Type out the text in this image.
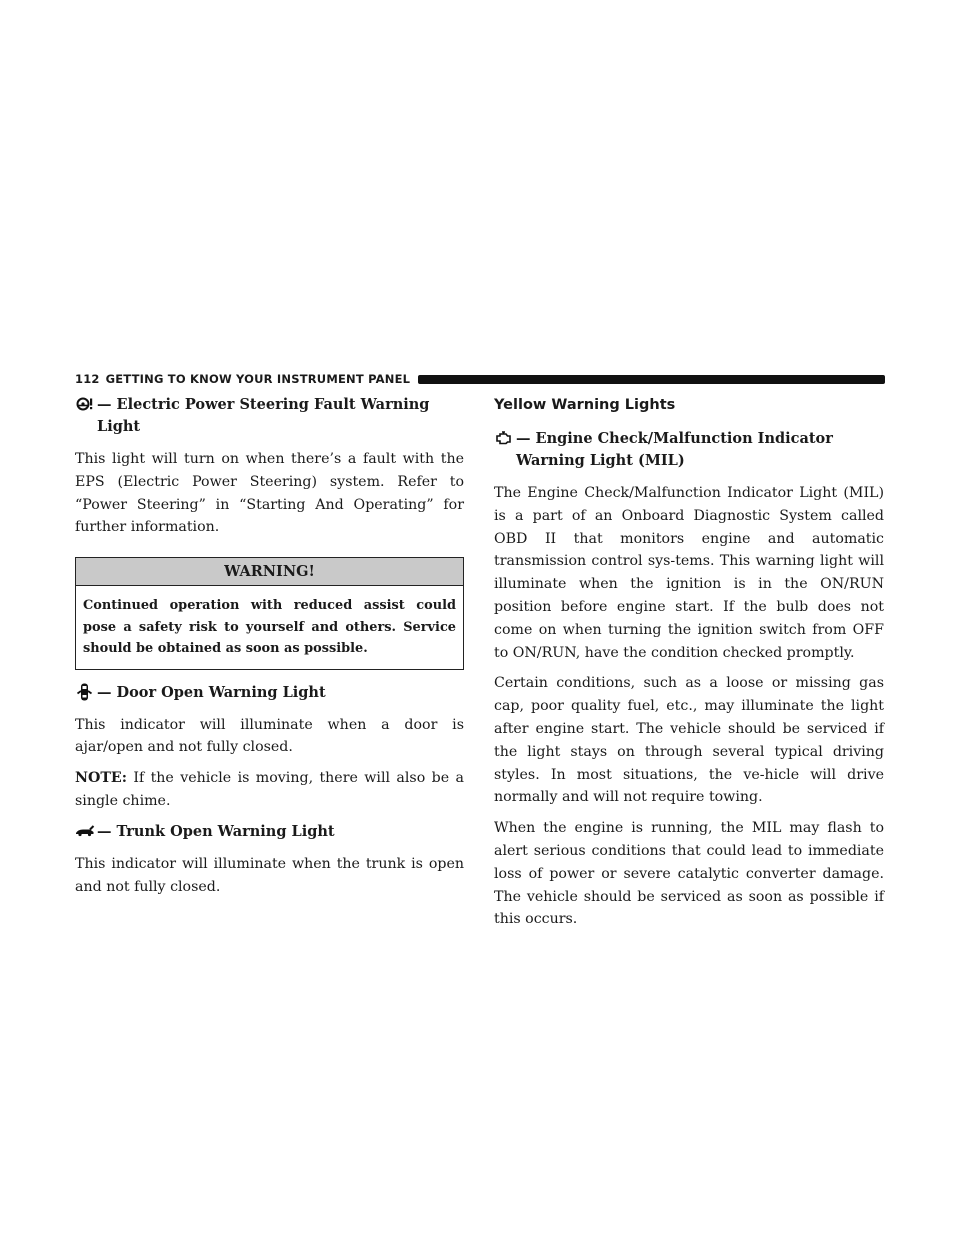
112 GETTING TO KNOW YOUR INSTRUMENT PANEL
— Electric Power Steering Fault Warning Light

This light will turn on when there’s a fault with the EPS (Electric Power Steering) system. Refer to “Power Steering” in “Starting And Operating” for further information.

WARNING!
Continued operation with reduced assist could pose a safety risk to yourself and others. Service should be obtained as soon as possible.
— Door Open Warning Light

This indicator will illuminate when a door is ajar/open and not fully closed.

NOTE: If the vehicle is moving, there will also be a single chime.

— Trunk Open Warning Light

This indicator will illuminate when the trunk is open and not fully closed.

Yellow Warning Lights
— Engine Check/Malfunction Indicator Warning Light (MIL)

The Engine Check/Malfunction Indicator Light (MIL) is a part of an Onboard Diagnostic System called OBD II that monitors engine and automatic transmission control sys-tems. This warning light will illuminate when the ignition is in the ON/RUN position before engine start. If the bulb does not come on when turning the ignition switch from OFF to ON/RUN, have the condition checked promptly.

Certain conditions, such as a loose or missing gas cap, poor quality fuel, etc., may illuminate the light after engine start. The vehicle should be serviced if the light stays on through several typical driving styles. In most situations, the ve-hicle will drive normally and will not require towing.

When the engine is running, the MIL may flash to alert serious conditions that could lead to immediate loss of power or severe catalytic converter damage. The vehicle should be serviced as soon as possible if this occurs.
